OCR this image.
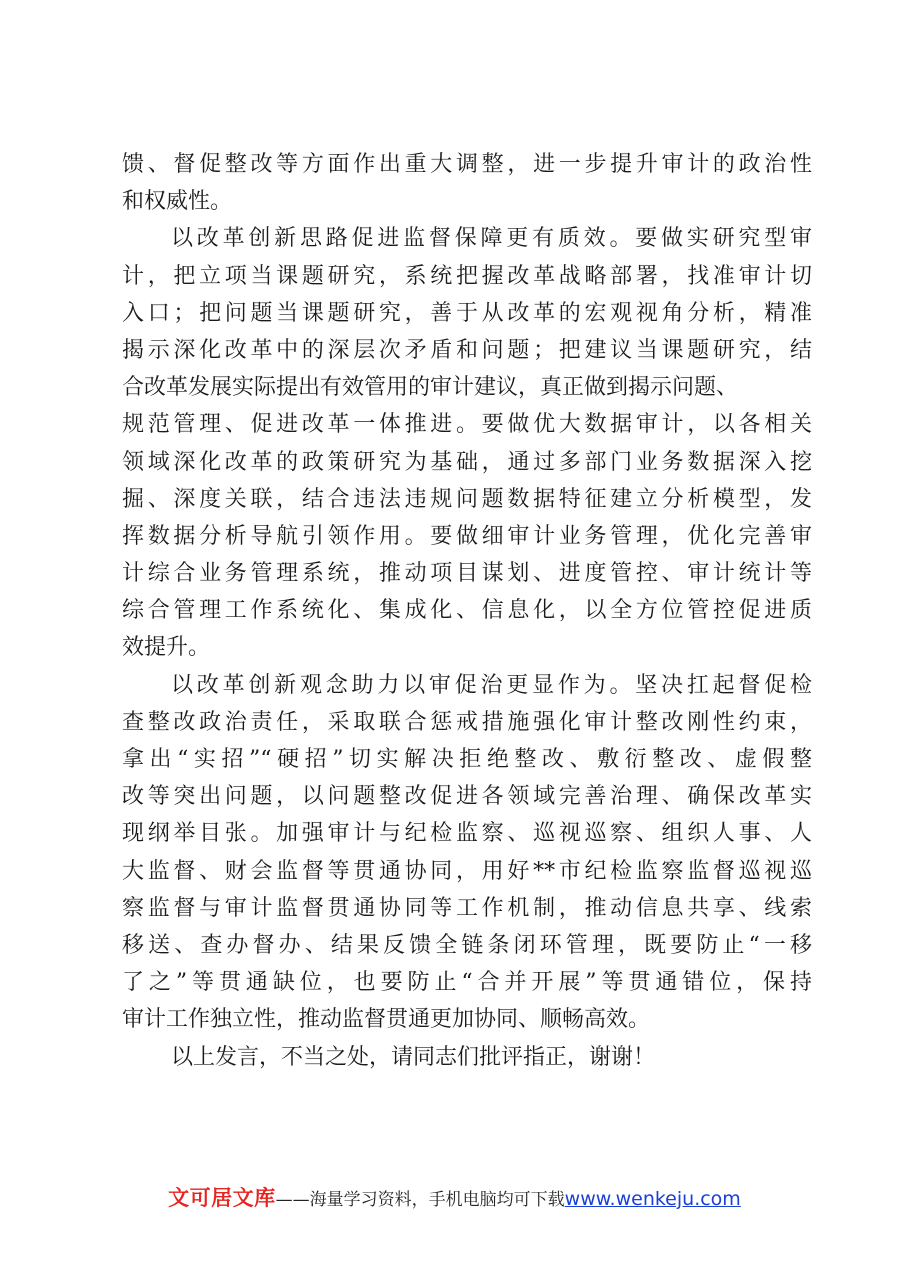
馈、督促整改等方面作出重大调整，进一步提升审计的政治性
和权威性。
以改革创新思路促进监督保障更有质效。要做实研究型审
计，把立项当课题研究，系统把握改革战略部署，找准审计切
入口；把问题当课题研究，善于从改革的宏观视角分析，精准
揭示深化改革中的深层次矛盾和问题；把建议当课题研究，结
合改革发展实际提出有效管用的审计建议，真正做到揭示问题、
规范管理、促进改革一体推进。要做优大数据审计，以各相关
领域深化改革的政策研究为基础，通过多部门业务数据深入挖
掘、深度关联，结合违法违规问题数据特征建立分析模型，发
挥数据分析导航引领作用。要做细审计业务管理，优化完善审
计综合业务管理系统，推动项目谋划、进度管控、审计统计等
综合管理工作系统化、集成化、信息化，以全方位管控促进质
效提升。
以改革创新观念助力以审促治更显作为。坚决扛起督促检
查整改政治责任，采取联合惩戒措施强化审计整改刚性约束，
拿出“实招”“硬招”切实解决拒绝整改、敷衍整改、虚假整
改等突出问题，以问题整改促进各领域完善治理、确保改革实
现纲举目张。加强审计与纪检监察、巡视巡察、组织人事、人
大监督、财会监督等贯通协同，用好**市纪检监察监督巡视巡
察监督与审计监督贯通协同等工作机制，推动信息共享、线索
移送、查办督办、结果反馈全链条闭环管理，既要防止“一移
了之”等贯通缺位，也要防止“合并开展”等贯通错位，保持
审计工作独立性，推动监督贯通更加协同、顺畅高效。
以上发言，不当之处，请同志们批评指正，谢谢！
文可居文库——海量学习资料，手机电脑均可下载www.wenkeju.com
